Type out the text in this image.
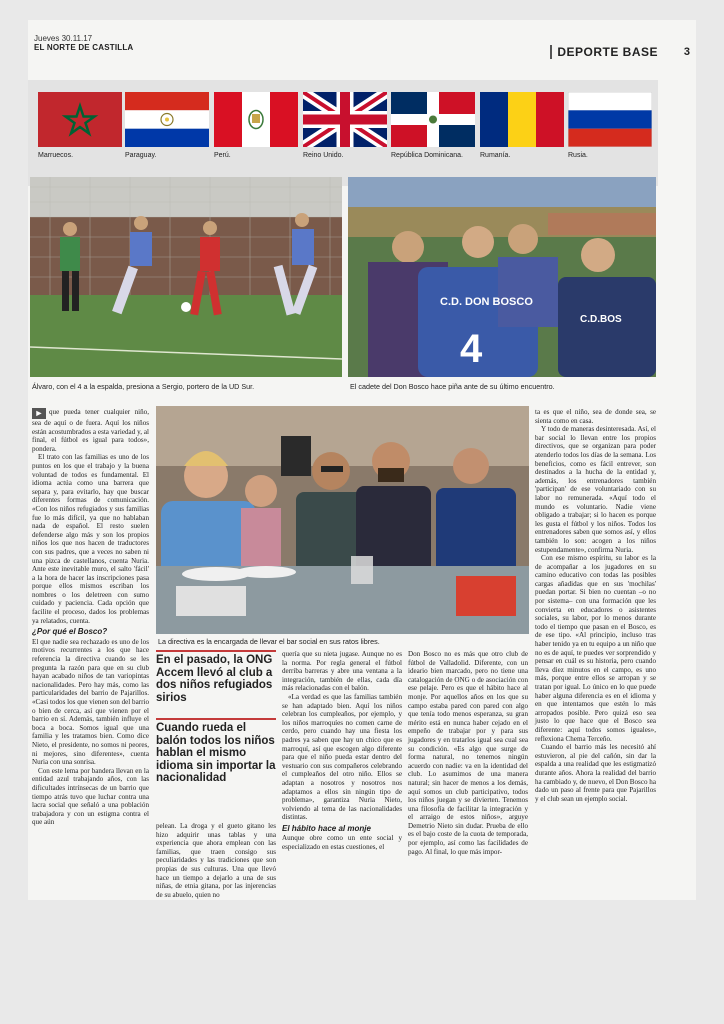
Jueves 30.11.17
EL NORTE DE CASTILLA	DEPORTE BASE 3
Marruecos.	Paraguay.	Perú.	Reino Unido.	República Dominicana. Rumanía.	Rusia.
Álvaro, con el 4 a la espalda, presiona a Sergio, portero de la UD Sur.
C.D. DON BOSCO
4
C.D.BOS
El cadete del Don Bosco hace piña ante de su último encuentro.
La directiva es la encargada de llevar el bar social en sus ratos libres.

► que pueda tener cualquier niño, sea de aquí o de fuera. Aquí los niños están acostumbrados a esta variedad y, al final, el fútbol es igual para todos», pondera.

El trato con las familias es uno de los puntos en los que el trabajo y la buena voluntad de todos es fundamental. El idioma actúa como una barrera que separa y, para evitarlo, hay que buscar diferentes formas de comunicación. «Con los niños refugiados y sus familias fue lo más difícil, ya que no hablaban nada de español. El resto suelen defenderse algo más y son los propios niños los que nos hacen de traductores con sus padres, que a veces no saben ni una pizca de castellanos, cuenta Nuria. Ante este inevitable muro, el salto 'fácil' a la hora de hacer las inscripciones pasa porque ellos mismos escriban los nombres o los deletreen con sumo cuidado y paciencia. Cada opción que facilite el proceso, dados los problemas ya relatados, cuenta.

¿Por qué el Bosco?

El que nadie sea rechazado es uno de los motivos recurrentes a los que hace referencia la directiva cuando se les pregunta la razón para que en su club hayan acabado niños de tan variopintas nacionalidades. Pero hay más, como las particularidades del barrio de Pajarillos. «Casi todos los que vienen son del barrio o bien de cerca, así que vienen por el barrio en sí. Además, también influye el boca a boca. Somos igual que una familia y les tratamos bien. Como dice Nieto, el presidente, no somos ni peores, ni mejores, sino diferentes», cuenta Nuria con una sonrisa.

Con este lema por bandera llevan en la entidad azul trabajando años, con las dificultades intrínsecas de un barrio que tiempo atrás tuvo que luchar contra una lacra social que señaló a una población trabajadora y con un estigma contra el que aún

En el pasado, la ONG Accem llevó al club a dos niños refugiados sirios
Cuando rueda el balón todos los niños hablan el mismo idioma sin importar la nacionalidad

pelean. La droga y el gueto gitano les hizo adquirir unas tablas y una experiencia que ahora emplean con las familias, que traen consigo sus peculiaridades y las tradiciones que son propias de sus culturas. Una que llevó hace un tiempo a dejarlo a una de sus niñas, de etnia gitana, por las injerencias de su abuelo, quien no

quería que su nieta jugase. Aunque no es la norma. Por regla general el fútbol derriba barreras y abre una ventana a la integración, también de ellas, cada día más relacionadas con el balón.

«La verdad es que las familias también se han adaptado bien. Aquí los niños celebran los cumpleaños, por ejemplo, y los niños marroquíes no comen carne de cerdo, pero cuando hay una fiesta los padres ya saben que hay un chico que es marroquí, así que escogen algo diferente para que el niño pueda estar dentro del vestuario con sus compañeros celebrando el cumpleaños del otro niño. Ellos se adaptan a nosotros y nosotros nos adaptamos a ellos sin ningún tipo de problema», garantiza Nuria Nieto, volviendo al tema de las nacionalidades distintas.

El hábito hace al monje

Aunque obre como un ente social y especializado en estas cuestiones, el

Don Bosco no es más que otro club de fútbol de Valladolid. Diferente, con un ideario bien marcado, pero no tiene una catalogación de ONG o de asociación con ese pelaje. Pero es que el hábito hace al monje. Por aquellos años en los que su campo estaba pared con pared con algo que tenía todo menos esperanza, su gran mérito está en nunca haber cejado en el empeño de trabajar por y para sus jugadores y en tratarlos igual sea cual sea su condición. «Es algo que surge de forma natural, no tenemos ningún acuerdo con nadie: va en la identidad del club. Lo asumimos de una manera natural; sin hacer de menos a los demás, aquí somos un club participativo, todos los niños juegan y se divierten. Tenemos una filosofía de facilitar la integración y el arraigo de estos niños», arguye Demetrio Nieto sin dudar. Prueba de ello es el bajo coste de la cuota de temporada, por ejemplo, así como las facilidades de pago. Al final, lo que más impor-

ta es que el niño, sea de donde sea, se sienta como en casa.

Y todo de maneras desinteresada. Así, el bar social lo llevan entre los propios directivos, que se organizan para poder atenderlo todos los días de la semana. Los beneficios, como es fácil entrever, son destinados a la hucha de la entidad y, además, los entrenadores también 'participan' de ese voluntariado con su labor no remunerada. «Aquí todo el mundo es voluntario. Nadie viene obligado a trabajar; si lo hacen es porque les gusta el fútbol y los niños. Todos los entrenadores saben que somos así, y ellos también lo son: acogen a los niños estupendamente», confirma Nuria.

Con ese mismo espíritu, su labor es la de acompañar a los jugadores en su camino educativo con todas las posibles cargas añadidas que en sus 'mochilas' puedan portar. Si bien no cuentan –o no por sistema– con una formación que les convierta en educadores o asistentes sociales, su labor, por lo menos durante todo el tiempo que pasan en el Bosco, es de ese tipo. «Al principio, incluso tras haber tenido ya en tu equipo a un niño que no es de aquí, te puedes ver sorprendido y pensar en cuál es su historia, pero cuando lleva diez minutos en el campo, es uno más, porque entre ellos se arropan y se tratan por igual. Lo único en lo que puede haber alguna diferencia es en el idioma y en que intentamos que estén lo más arropados posible. Pero quizá eso sea justo lo que hace que el Bosco sea diferente: aquí todos somos iguales», reflexiona Chema Terceño.

Cuando el barrio más les necesitó ahí estuvieron, al pie del cañón, sin dar la espalda a una realidad que les estigmatizó durante años. Ahora la realidad del barrio ha cambiado y, de nuevo, el Don Bosco ha dado un paso al frente para que Pajarillos y el club sean un ejemplo social.
